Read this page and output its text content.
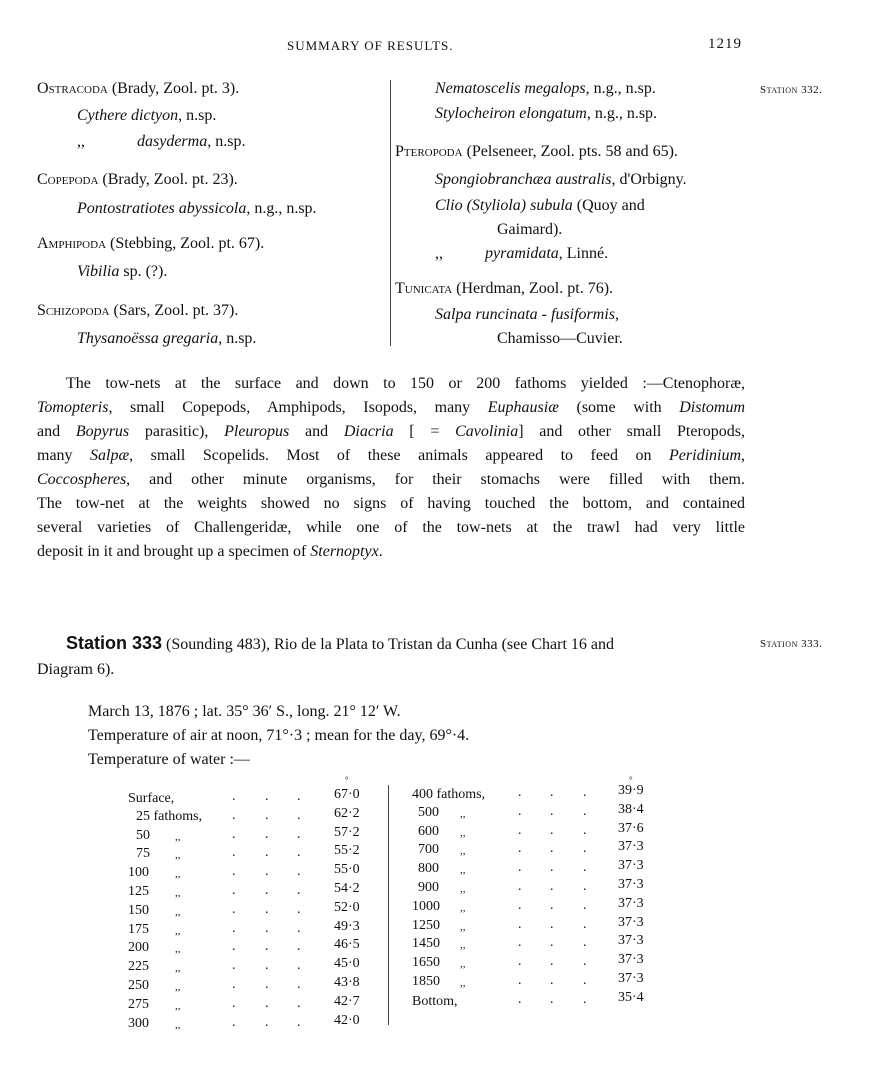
SUMMARY OF RESULTS.	1219
Ostracoda (Brady, Zool. pt. 3).
Cythere dictyon, n.sp.
,,	dasyderma, n.sp.
Copepoda (Brady, Zool. pt. 23).
Pontostratiotes abyssicola, n.g., n.sp.
Amphipoda (Stebbing, Zool. pt. 67).
Vibilia sp. (?).
Schizopoda (Sars, Zool. pt. 37).
Thysanoëssa gregaria, n.sp.
Nematoscelis megalops, n.g., n.sp.
Stylocheiron elongatum, n.g., n.sp.
Pteropoda (Pelseneer, Zool. pts. 58 and 65).
Spongiobranchæa australis, d'Orbigny.
Clio (Styliola) subula (Quoy and
Gaimard).
,,	pyramidata, Linné.
Tunicata (Herdman, Zool. pt. 76).
Salpa runcinata - fusiformis,
Chamisso—Cuvier.
Station 332.
The tow-nets at the surface and down to 150 or 200 fathoms yielded :—Ctenophoræ,
Tomopteris, small Copepods, Amphipods, Isopods, many Euphausiæ (some with Distomum
and Bopyrus parasitic), Pleuropus and Diacria [ = Cavolinia] and other small Pteropods,
many Salpæ, small Scopelids. Most of these animals appeared to feed on Peridinium,
Coccospheres, and other minute organisms, for their stomachs were filled with them.
The tow-net at the weights showed no signs of having touched the bottom, and contained
several varieties of Challengeridæ, while one of the tow-nets at the trawl had very little
deposit in it and brought up a specimen of Sternoptyx.
Station 333 (Sounding 483), Rio de la Plata to Tristan da Cunha (see Chart 16 and	Station 333.
Diagram 6).
March 13, 1876 ; lat. 35° 36′ S., long. 21° 12′ W.
Temperature of air at noon, 71°·3 ; mean for the day, 69°·4.
Temperature of water :—
Surface,	. . . 67·0
25 fathoms, . . . 62·2
50 ,,	. . . 57·2
75 ,,	. . . 55·2
100 ,,	. . . 55·0
125 ,,	. . . 54·2
150 ,,	. . . 52·0
175 ,,	. . . 49·3
200 ,,	. . . 46·5
225 ,,	. . . 45·0
250 ,,	. . . 43·8
275 ,,	. . . 42·7
300 ,,	. . . 42·0
400 fathoms, . . . 39·9
500 ,,	. . . 38·4
600 ,,	. . . 37·6
700 ,,	. . . 37·3
800 ,,	. . . 37·3
900 ,,	. . . 37·3
1000 ,,	. . . 37·3
1250 ,,	. . . 37·3
1450 ,,	. . . 37·3
1650 ,,	. . . 37·3
1850 ,,	. . . 37·3
Bottom,	. . . 35·4
°	°
